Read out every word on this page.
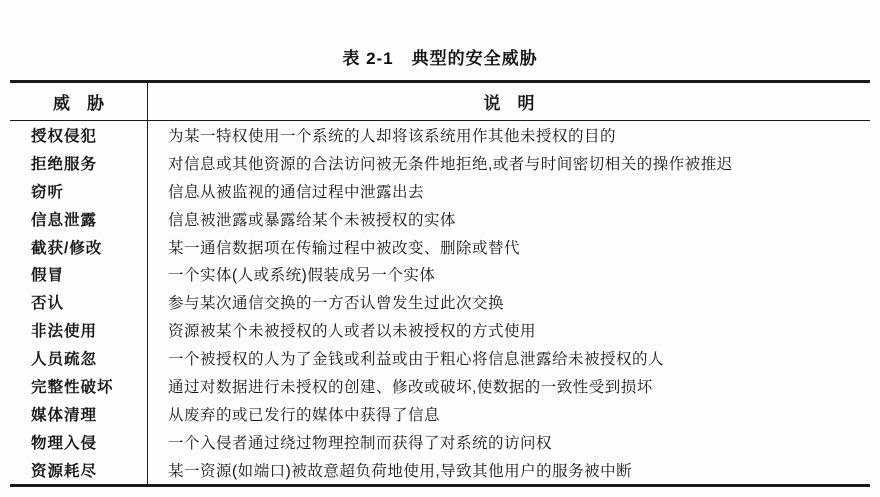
表 2-1　典型的安全威胁
威　胁	说　明
授权侵犯	为某一特权使用一个系统的人却将该系统用作其他未授权的目的
拒绝服务	对信息或其他资源的合法访问被无条件地拒绝,或者与时间密切相关的操作被推迟
窃听	信息从被监视的通信过程中泄露出去
信息泄露	信息被泄露或暴露给某个未被授权的实体
截获/修改	某一通信数据项在传输过程中被改变、删除或替代
假冒	一个实体(人或系统)假装成另一个实体
否认	参与某次通信交换的一方否认曾发生过此次交换
非法使用	资源被某个未被授权的人或者以未被授权的方式使用
人员疏忽	一个被授权的人为了金钱或利益或由于粗心将信息泄露给未被授权的人
完整性破坏	通过对数据进行未授权的创建、修改或破坏,使数据的一致性受到损坏
媒体清理	从废弃的或已发行的媒体中获得了信息
物理入侵	一个入侵者通过绕过物理控制而获得了对系统的访问权
资源耗尽	某一资源(如端口)被故意超负荷地使用,导致其他用户的服务被中断
